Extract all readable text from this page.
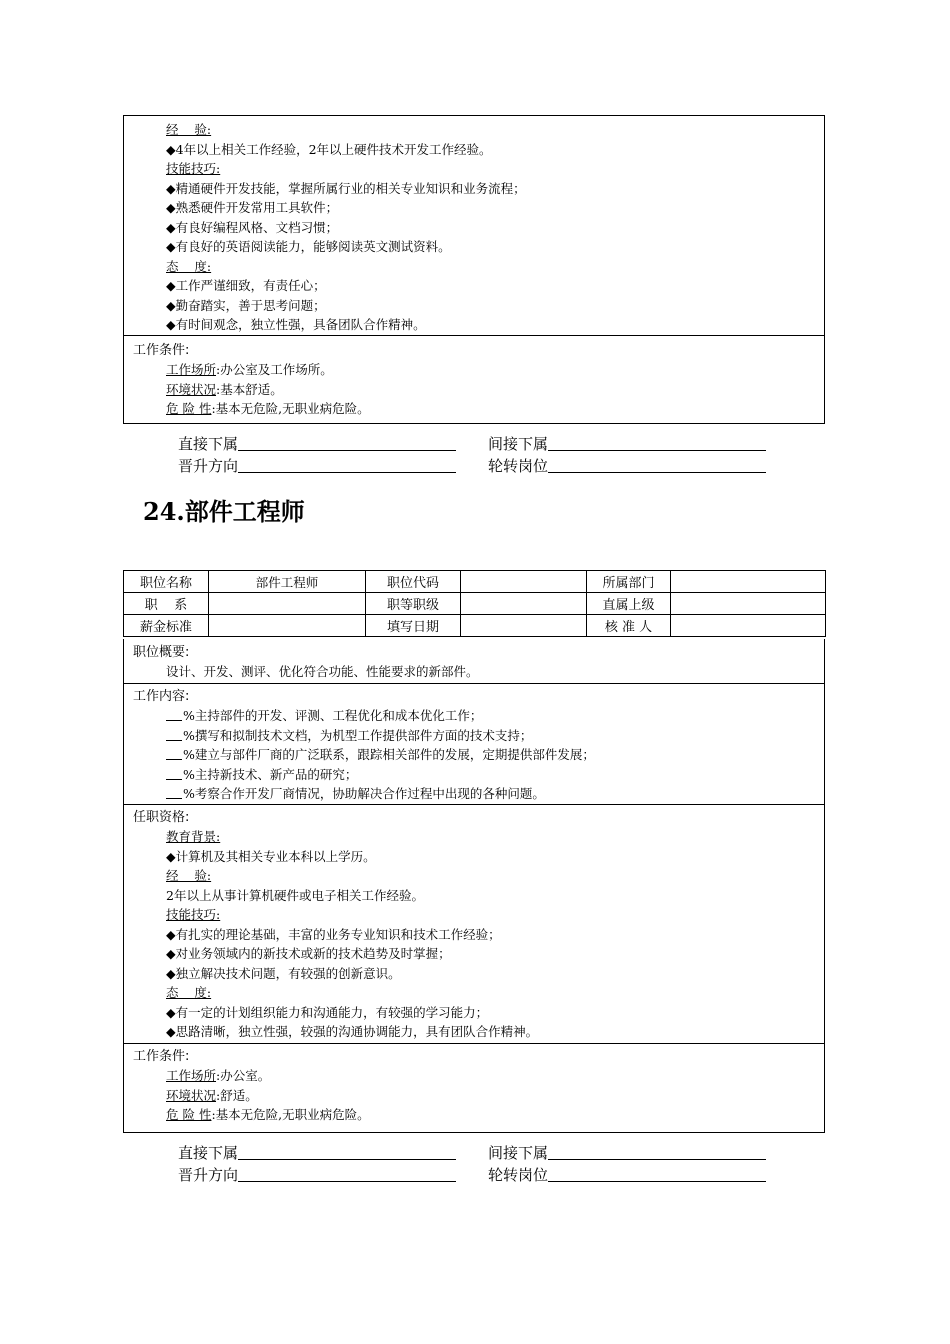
经    验:
◆4年以上相关工作经验，2年以上硬件技术开发工作经验。
技能技巧:
◆精通硬件开发技能，掌握所属行业的相关专业知识和业务流程；
◆熟悉硬件开发常用工具软件；
◆有良好编程风格、文档习惯；
◆有良好的英语阅读能力，能够阅读英文测试资料。
态    度:
◆工作严谨细致，有责任心；
◆勤奋踏实，善于思考问题；
◆有时间观念，独立性强，具备团队合作精神。
工作条件:
工作场所:办公室及工作场所。
环境状况:基本舒适。
危 险 性:基本无危险,无职业病危险。
直接下属	间接下属
晋升方向	轮转岗位
24.部件工程师
职位名称	部件工程师	职位代码		所属部门	
职    系		职等职级		直属上级	
薪金标准		填写日期		核 准 人	
职位概要:
设计、开发、测评、优化符合功能、性能要求的新部件。
工作内容:
%主持部件的开发、评测、工程优化和成本优化工作；
%撰写和拟制技术文档，为机型工作提供部件方面的技术支持；
%建立与部件厂商的广泛联系，跟踪相关部件的发展，定期提供部件发展；
%主持新技术、新产品的研究；
%考察合作开发厂商情况，协助解决合作过程中出现的各种问题。
任职资格:
教育背景:
◆计算机及其相关专业本科以上学历。
经    验:
2年以上从事计算机硬件或电子相关工作经验。
技能技巧:
◆有扎实的理论基础，丰富的业务专业知识和技术工作经验；
◆对业务领域内的新技术或新的技术趋势及时掌握；
◆独立解决技术问题，有较强的创新意识。
态    度:
◆有一定的计划组织能力和沟通能力，有较强的学习能力；
◆思路清晰，独立性强，较强的沟通协调能力，具有团队合作精神。
工作条件:
工作场所:办公室。
环境状况:舒适。
危 险 性:基本无危险,无职业病危险。
直接下属	间接下属
晋升方向	轮转岗位
